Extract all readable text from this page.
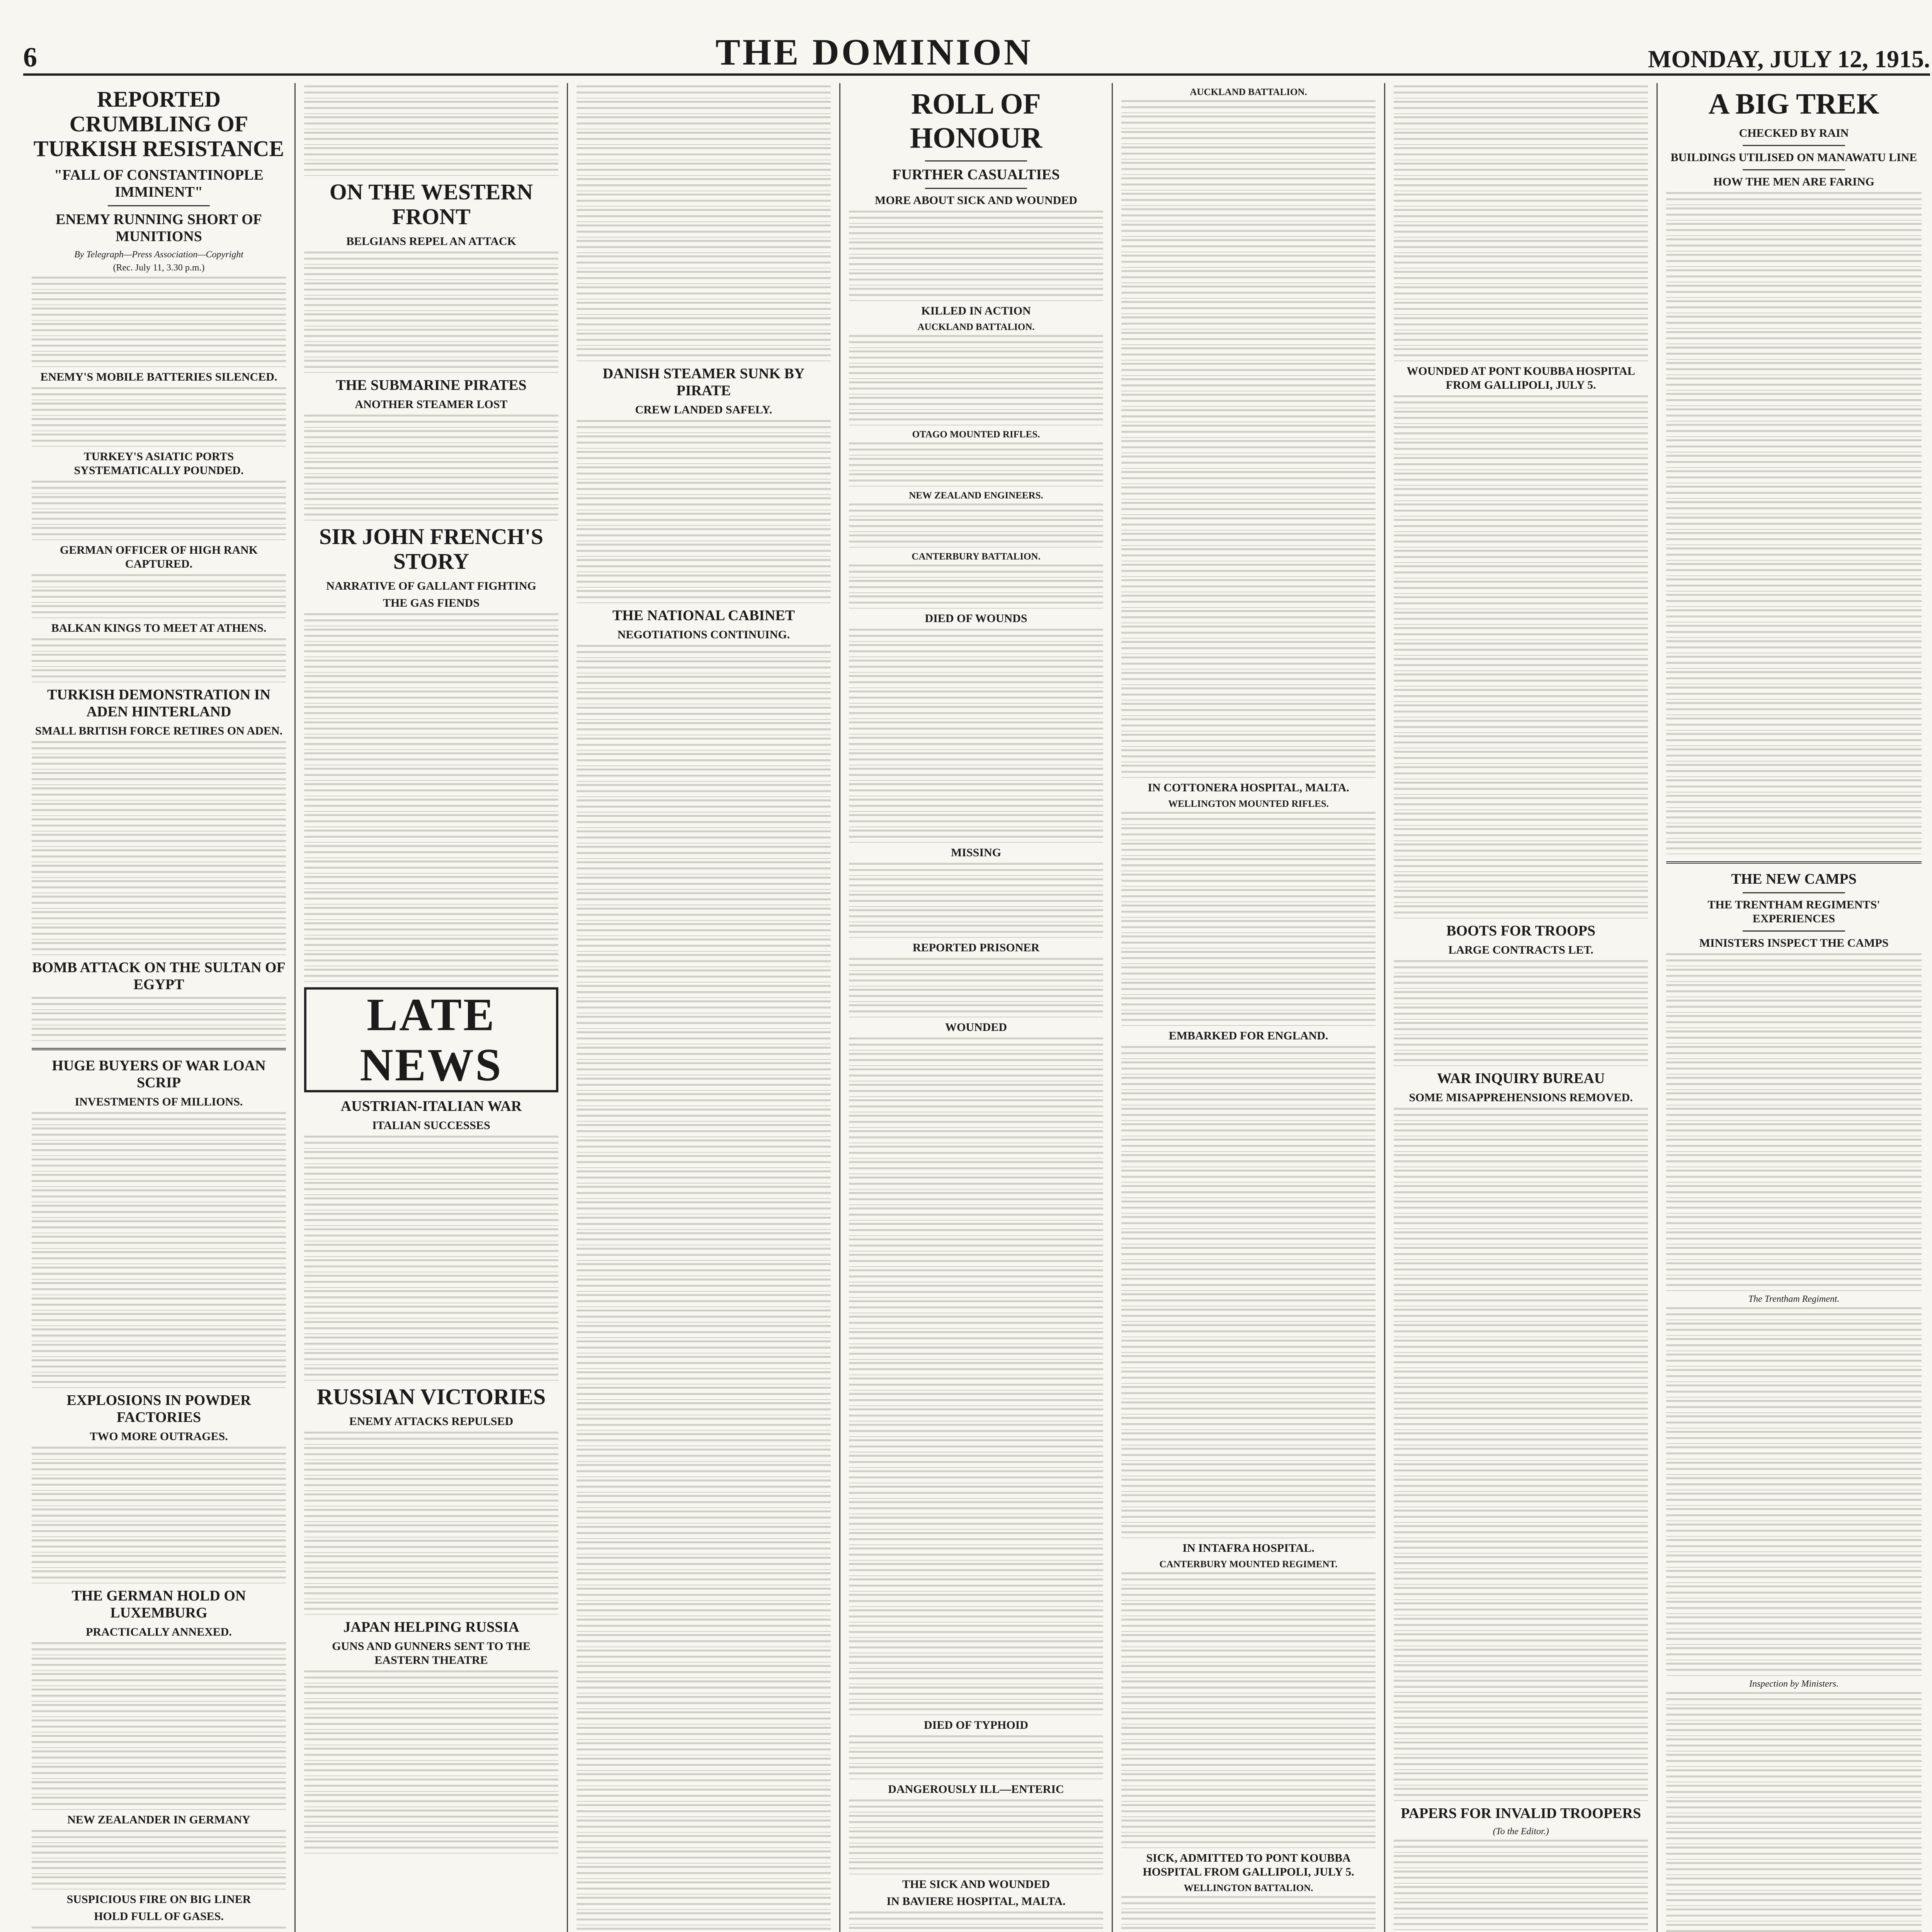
6	THE DOMINION	MONDAY, JULY 12, 1915.
REPORTED CRUMBLING OF TURKISH RESISTANCE
"FALL OF CONSTANTINOPLE IMMINENT"
ENEMY RUNNING SHORT OF MUNITIONS
By Telegraph—Press Association—Copyright
(Rec. July 11, 3.30 p.m.)
ENEMY'S MOBILE BATTERIES SILENCED.
TURKEY'S ASIATIC PORTS SYSTEMATICALLY POUNDED.
GERMAN OFFICER OF HIGH RANK CAPTURED.
BALKAN KINGS TO MEET AT ATHENS.
TURKISH DEMONSTRATION IN ADEN HINTERLAND
SMALL BRITISH FORCE RETIRES ON ADEN.
BOMB ATTACK ON THE SULTAN OF EGYPT
HUGE BUYERS OF WAR LOAN SCRIP
INVESTMENTS OF MILLIONS.
EXPLOSIONS IN POWDER FACTORIES
TWO MORE OUTRAGES.
THE GERMAN HOLD ON LUXEMBURG
PRACTICALLY ANNEXED.
NEW ZEALANDER IN GERMANY
SUSPICIOUS FIRE ON BIG LINER
HOLD FULL OF GASES.
ON THE WESTERN FRONT
BELGIANS REPEL AN ATTACK
THE SUBMARINE PIRATES
ANOTHER STEAMER LOST
SIR JOHN FRENCH'S STORY
NARRATIVE OF GALLANT FIGHTING
THE GAS FIENDS
LATE NEWS
AUSTRIAN-ITALIAN WAR
ITALIAN SUCCESSES
RUSSIAN VICTORIES
ENEMY ATTACKS REPULSED
JAPAN HELPING RUSSIA
GUNS AND GUNNERS SENT TO THE EASTERN THEATRE
DANISH STEAMER SUNK BY PIRATE
CREW LANDED SAFELY.
THE NATIONAL CABINET
NEGOTIATIONS CONTINUING.
ROLL OF HONOUR
FURTHER CASUALTIES
MORE ABOUT SICK AND WOUNDED
KILLED IN ACTION
AUCKLAND BATTALION.
OTAGO MOUNTED RIFLES.
NEW ZEALAND ENGINEERS.
CANTERBURY BATTALION.
DIED OF WOUNDS
MISSING
REPORTED PRISONER
WOUNDED
DIED OF TYPHOID
DANGEROUSLY ILL—ENTERIC
THE SICK AND WOUNDED
IN BAVIERE HOSPITAL, MALTA.
AUCKLAND BATTALION.
IN COTTONERA HOSPITAL, MALTA.
WELLINGTON MOUNTED RIFLES.
EMBARKED FOR ENGLAND.
IN INTAFRA HOSPITAL.
CANTERBURY MOUNTED REGIMENT.
SICK, ADMITTED TO PONT KOUBBA HOSPITAL FROM GALLIPOLI, JULY 5.
WELLINGTON BATTALION.
WOUNDED AT PONT KOUBBA HOSPITAL FROM GALLIPOLI, JULY 5.
BOOTS FOR TROOPS
LARGE CONTRACTS LET.
WAR INQUIRY BUREAU
SOME MISAPPREHENSIONS REMOVED.
PAPERS FOR INVALID TROOPERS
(To the Editor.)
A BIG TREK
CHECKED BY RAIN
BUILDINGS UTILISED ON MANAWATU LINE
HOW THE MEN ARE FARING
THE NEW CAMPS
THE TRENTHAM REGIMENTS' EXPERIENCES
MINISTERS INSPECT THE CAMPS
The Trentham Regiment.
Inspection by Ministers.
